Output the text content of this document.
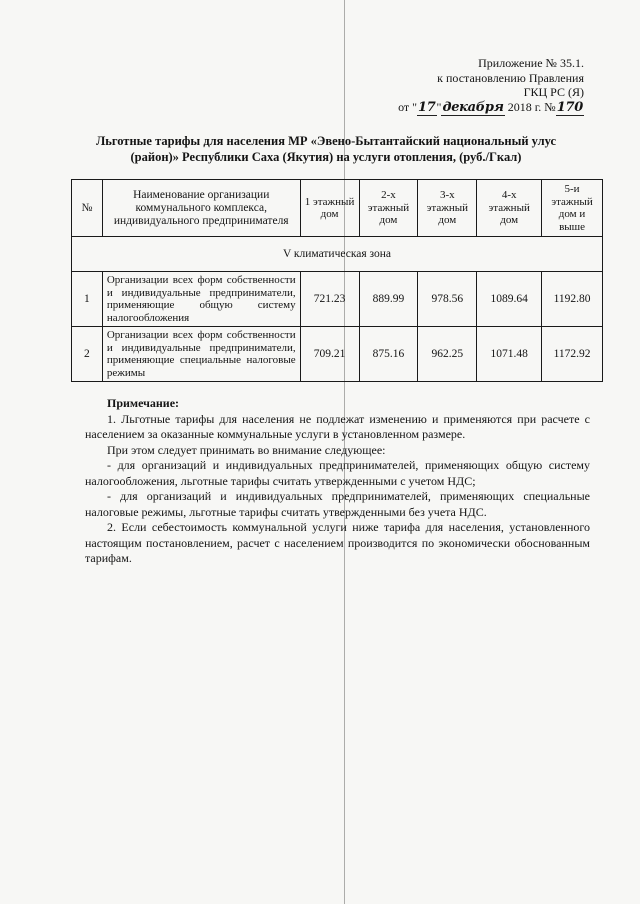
Приложение № 35.1.
к постановлению Правления
ГКЦ РС (Я)
от "17"декабря 2018 г. №170
Льготные тарифы для населения МР «Эвено-Бытантайский национальный улус
(район)» Республики Саха (Якутия) на услуги отопления, (руб./Гкал)
№	Наименование организации коммунального комплекса, индивидуального предпринимателя	1 этажный дом	2-х этажный дом	3-х этажный дом	4-х этажный дом	5-и этажный дом и выше
V климатическая зона						
1	Организации всех форм собственности и индивидуальные предприниматели, применяющие общую систему налогообложения	721.23	889.99	978.56	1089.64	1192.80
2	Организации всех форм собственности и индивидуальные предприниматели, применяющие специальные налоговые режимы	709.21	875.16	962.25	1071.48	1172.92

Примечание:

1. Льготные тарифы для населения не подлежат изменению и применяются при расчете с населением за оказанные коммунальные услуги в установленном размере.

При этом следует принимать во внимание следующее:

- для организаций и индивидуальных предпринимателей, применяющих общую систему налогообложения, льготные тарифы считать утвержденными с учетом НДС;

- для организаций и индивидуальных предпринимателей, применяющих специальные налоговые режимы, льготные тарифы считать утвержденными без учета НДС.

2. Если себестоимость коммунальной услуги ниже тарифа для населения, установленного настоящим постановлением, расчет с населением производится по экономически обоснованным тарифам.
